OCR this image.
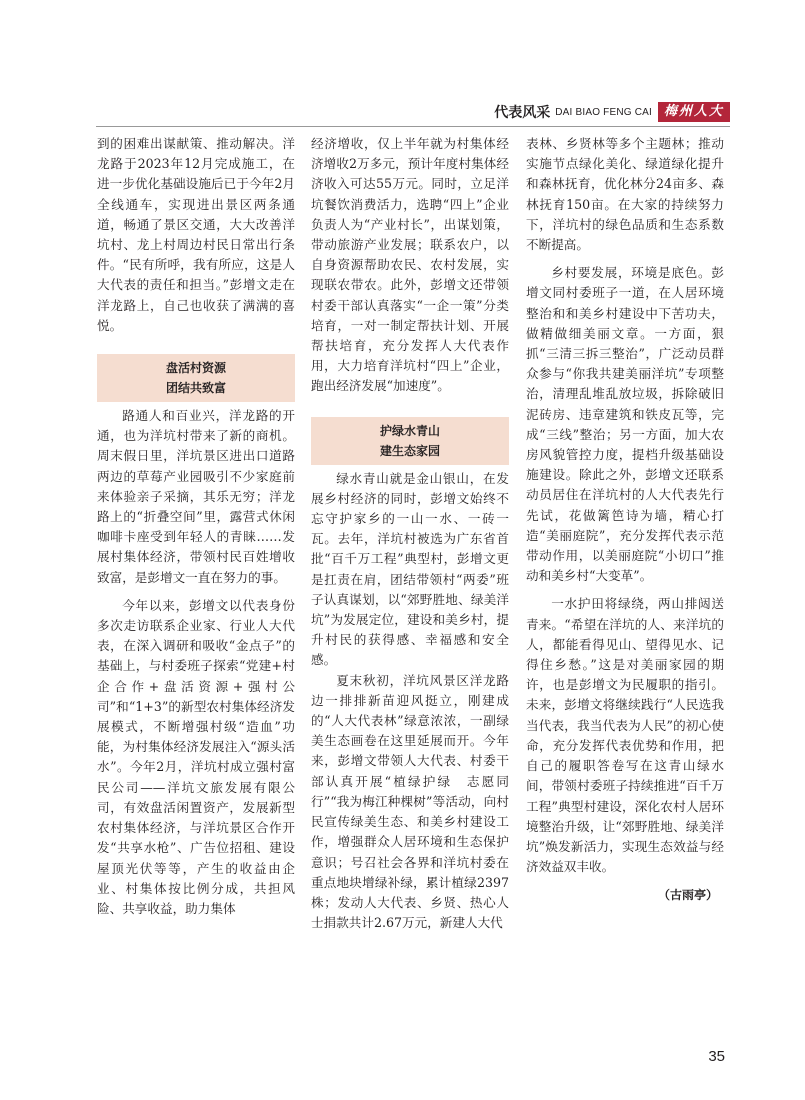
代表风采 DAI BIAO FENG CAI 梅州人大

到的困难出谋献策、推动解决。洋龙路于2023年12月完成施工，在进一步优化基础设施后已于今年2月全线通车，实现进出景区两条通道，畅通了景区交通，大大改善洋坑村、龙上村周边村民日常出行条件。“民有所呼，我有所应，这是人大代表的责任和担当。”彭增文走在洋龙路上，自己也收获了满满的喜悦。

盘活村资源
团结共致富

路通人和百业兴，洋龙路的开通，也为洋坑村带来了新的商机。周末假日里，洋坑景区进出口道路两边的草莓产业园吸引不少家庭前来体验亲子采摘，其乐无穷；洋龙路上的“折叠空间”里，露营式休闲咖啡卡座受到年轻人的青睐……发展村集体经济，带领村民百姓增收致富，是彭增文一直在努力的事。

今年以来，彭增文以代表身份多次走访联系企业家、行业人大代表，在深入调研和吸收“金点子”的基础上，与村委班子探索“党建+村企合作+盘活资源+强村公司”和“1+3”的新型农村集体经济发展模式，不断增强村级“造血”功能，为村集体经济发展注入“源头活水”。今年2月，洋坑村成立强村富民公司——洋坑文旅发展有限公司，有效盘活闲置资产，发展新型农村集体经济，与洋坑景区合作开发“共享水枪”、广告位招租、建设屋顶光伏等等，产生的收益由企业、村集体按比例分成，共担风险、共享收益，助力集体

经济增收，仅上半年就为村集体经济增收2万多元，预计年度村集体经济收入可达55万元。同时，立足洋坑餐饮消费活力，选聘“四上”企业负责人为“产业村长”，出谋划策，带动旅游产业发展；联系农户，以自身资源帮助农民、农村发展，实现联农带农。此外，彭增文还带领村委干部认真落实“一企一策”分类培育，一对一制定帮扶计划、开展帮扶培育，充分发挥人大代表作用，大力培育洋坑村“四上”企业，跑出经济发展“加速度”。

护绿水青山
建生态家园

绿水青山就是金山银山，在发展乡村经济的同时，彭增文始终不忘守护家乡的一山一水、一砖一瓦。去年，洋坑村被选为广东省首批“百千万工程”典型村，彭增文更是扛责在肩，团结带领村“两委”班子认真谋划，以“郊野胜地、绿美洋坑”为发展定位，建设和美乡村，提升村民的获得感、幸福感和安全感。

夏末秋初，洋坑风景区洋龙路边一排排新苗迎风挺立，刚建成的“人大代表林”绿意浓浓，一副绿美生态画卷在这里延展而开。今年来，彭增文带领人大代表、村委干部认真开展“植绿护绿　志愿同行”“我为梅江种棵树”等活动，向村民宣传绿美生态、和美乡村建设工作，增强群众人居环境和生态保护意识；号召社会各界和洋坑村委在重点地块增绿补绿，累计植绿2397株；发动人大代表、乡贤、热心人士捐款共计2.67万元，新建人大代

表林、乡贤林等多个主题林；推动实施节点绿化美化、绿道绿化提升和森林抚育，优化林分24亩多、森林抚育150亩。在大家的持续努力下，洋坑村的绿色品质和生态系数不断提高。

乡村要发展，环境是底色。彭增文同村委班子一道，在人居环境整治和和美乡村建设中下苦功夫，做精做细美丽文章。一方面，狠抓“三清三拆三整治”，广泛动员群众参与“你我共建美丽洋坑”专项整治，清理乱堆乱放垃圾，拆除破旧泥砖房、违章建筑和铁皮瓦等，完成“三线”整治；另一方面，加大农房风貌管控力度，提档升级基础设施建设。除此之外，彭增文还联系动员居住在洋坑村的人大代表先行先试，花做篱笆诗为墙，精心打造“美丽庭院”，充分发挥代表示范带动作用，以美丽庭院“小切口”推动和美乡村“大变革”。

一水护田将绿绕，两山排闼送青来。“希望在洋坑的人、来洋坑的人，都能看得见山、望得见水、记得住乡愁。”这是对美丽家园的期许，也是彭增文为民履职的指引。未来，彭增文将继续践行“人民选我当代表，我当代表为人民”的初心使命，充分发挥代表优势和作用，把自己的履职答卷写在这青山绿水间，带领村委班子持续推进“百千万工程”典型村建设，深化农村人居环境整治升级，让“郊野胜地、绿美洋坑”焕发新活力，实现生态效益与经济效益双丰收。

（古雨亭）
35
